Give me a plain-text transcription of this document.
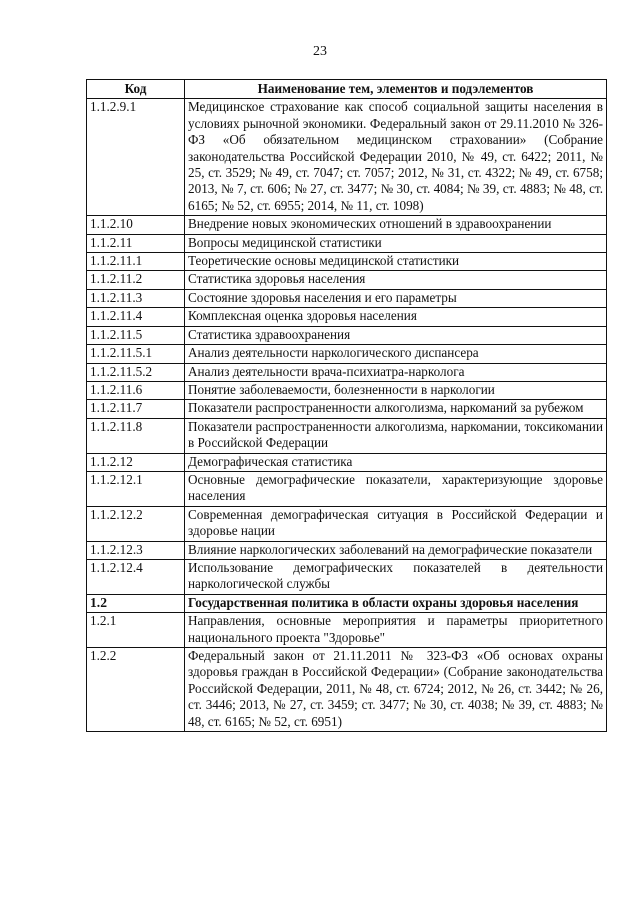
23
Код	Наименование тем, элементов и подэлементов
1.1.2.9.1	Медицинское страхование как способ социальной защиты населения в условиях рыночной экономики. Федеральный закон от 29.11.2010 № 326-ФЗ «Об обязательном медицинском страховании» (Собрание законодательства Российской Федерации 2010, № 49, ст. 6422; 2011, № 25, ст. 3529; № 49, ст. 7047; ст. 7057; 2012, № 31, ст. 4322; № 49, ст. 6758; 2013, № 7, ст. 606; № 27, ст. 3477; № 30, ст. 4084; № 39, ст. 4883; № 48, ст. 6165; № 52, ст. 6955; 2014, № 11, ст. 1098)
1.1.2.10	Внедрение новых экономических отношений в здравоохранении
1.1.2.11	Вопросы медицинской статистики
1.1.2.11.1	Теоретические основы медицинской статистики
1.1.2.11.2	Статистика здоровья населения
1.1.2.11.3	Состояние здоровья населения и его параметры
1.1.2.11.4	Комплексная оценка здоровья населения
1.1.2.11.5	Статистика здравоохранения
1.1.2.11.5.1	Анализ деятельности наркологического диспансера
1.1.2.11.5.2	Анализ деятельности врача-психиатра-нарколога
1.1.2.11.6	Понятие заболеваемости, болезненности в наркологии
1.1.2.11.7	Показатели распространенности алкоголизма, наркоманий за рубежом
1.1.2.11.8	Показатели распространенности алкоголизма, наркомании, токсикомании в Российской Федерации
1.1.2.12	Демографическая статистика
1.1.2.12.1	Основные демографические показатели, характеризующие здоровье населения
1.1.2.12.2	Современная демографическая ситуация в Российской Федерации и здоровье нации
1.1.2.12.3	Влияние наркологических заболеваний на демографические показатели
1.1.2.12.4	Использование демографических показателей в деятельности наркологической службы
1.2	Государственная политика в области охраны здоровья населения
1.2.1	Направления, основные мероприятия и параметры приоритетного национального проекта "Здоровье"
1.2.2	Федеральный закон от 21.11.2011 № 323-ФЗ «Об основах охраны здоровья граждан в Российской Федерации» (Собрание законодательства Российской Федерации, 2011, № 48, ст. 6724; 2012, № 26, ст. 3442; № 26, ст. 3446; 2013, № 27, ст. 3459; ст. 3477; № 30, ст. 4038; № 39, ст. 4883; № 48, ст. 6165; № 52, ст. 6951)
